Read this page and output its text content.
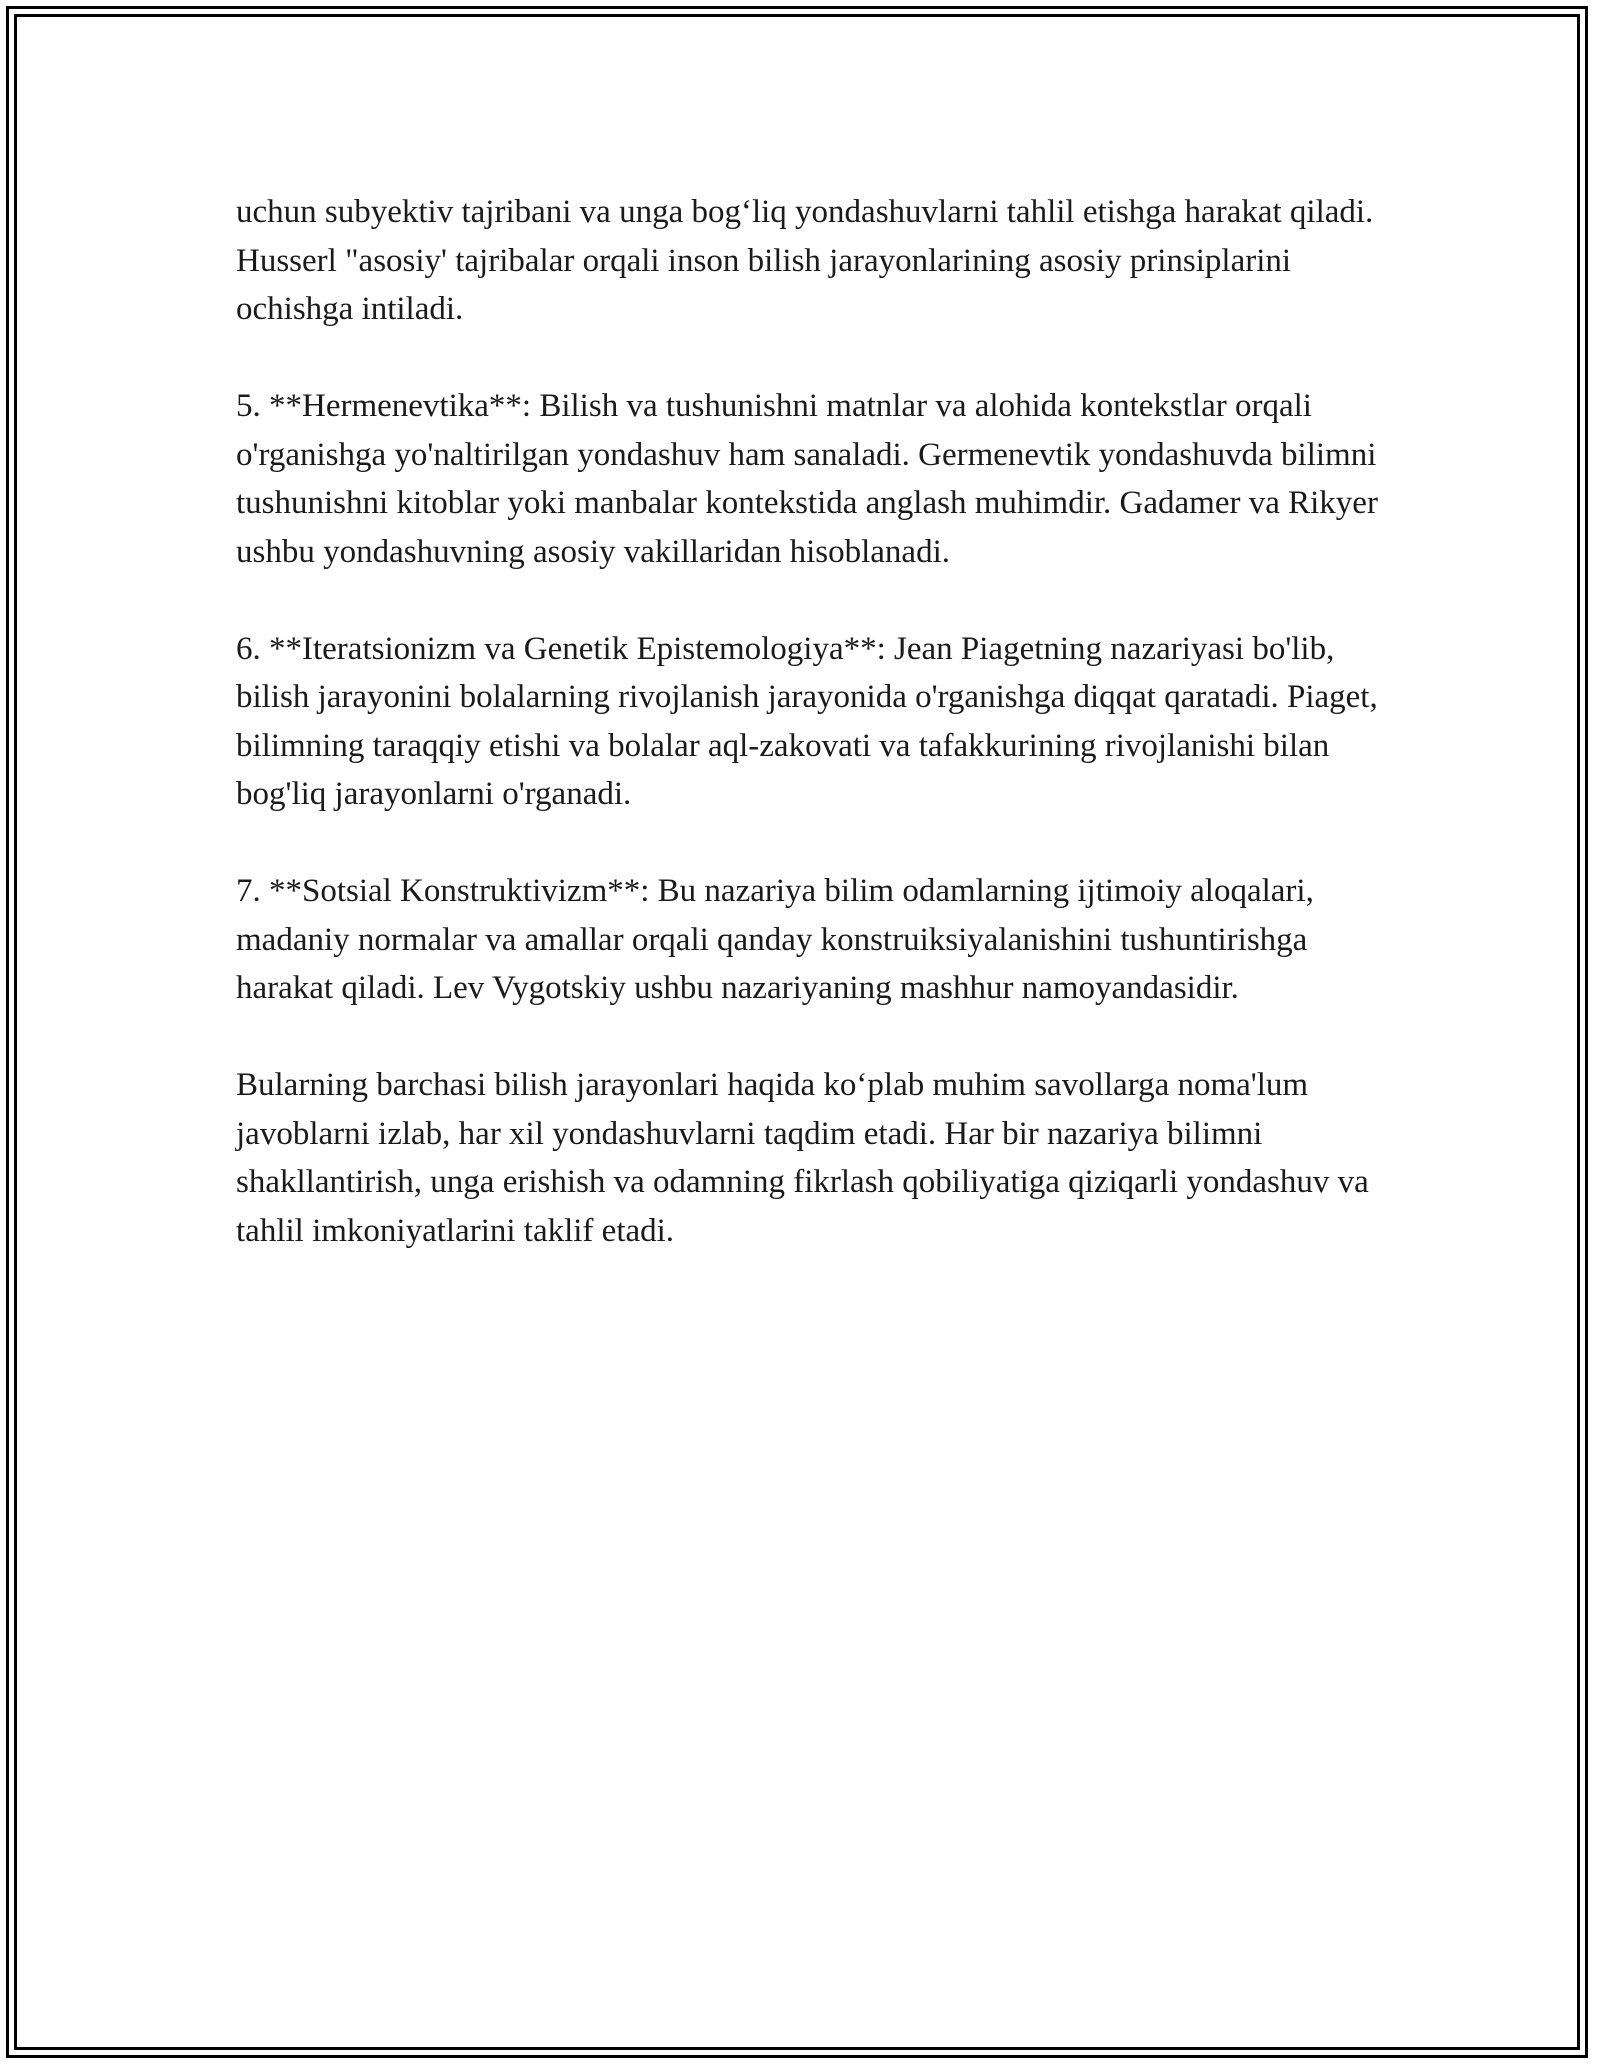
uchun subyektiv tajribani va unga bog‘liq yondashuvlarni tahlil etishga harakat qiladi. Husserl "asosiy' tajribalar orqali inson bilish jarayonlarining asosiy prinsiplarini ochishga intiladi.

5. **Hermenevtika**: Bilish va tushunishni matnlar va alohida kontekstlar orqali o'rganishga yo'naltirilgan yondashuv ham sanaladi. Germenevtik yondashuvda bilimni tushunishni kitoblar yoki manbalar kontekstida anglash muhimdir. Gadamer va Rikyer ushbu yondashuvning asosiy vakillaridan hisoblanadi.

6. **Iteratsionizm va Genetik Epistemologiya**: Jean Piagetning nazariyasi bo'lib, bilish jarayonini bolalarning rivojlanish jarayonida o'rganishga diqqat qaratadi. Piaget, bilimning taraqqiy etishi va bolalar aql-zakovati va tafakkurining rivojlanishi bilan bog'liq jarayonlarni o'rganadi.

7. **Sotsial Konstruktivizm**: Bu nazariya bilim odamlarning ijtimoiy aloqalari, madaniy normalar va amallar orqali qanday konstruiksiyalanishini tushuntirishga harakat qiladi. Lev Vygotskiy ushbu nazariyaning mashhur namoyandasidir.

Bularning barchasi bilish jarayonlari haqida ko‘plab muhim savollarga noma'lum javoblarni izlab, har xil yondashuvlarni taqdim etadi. Har bir nazariya bilimni shakllantirish, unga erishish va odamning fikrlash qobiliyatiga qiziqarli yondashuv va tahlil imkoniyatlarini taklif etadi.
